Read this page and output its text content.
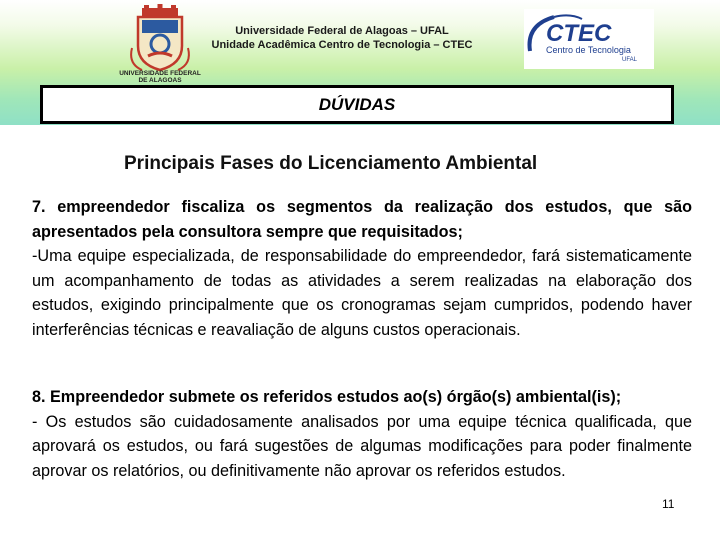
UNIVERSIDADE FEDERAL
DE ALAGOAS
Universidade Federal de Alagoas – UFAL
Unidade Acadêmica Centro de Tecnologia – CTEC	CTEC
Centro de Tecnologia
UFAL
DÚVIDAS
Principais Fases do Licenciamento Ambiental

7. empreendedor fiscaliza os segmentos da realização dos estudos, que são apresentados pela consultora sempre que requisitados;

-Uma equipe especializada, de responsabilidade do empreendedor, fará sistematicamente um acompanhamento de todas as atividades a serem realizadas na elaboração dos estudos, exigindo principalmente que os cronogramas sejam cumpridos, podendo haver interferências técnicas e reavaliação de alguns custos operacionais.

8. Empreendedor submete os referidos estudos ao(s) órgão(s) ambiental(is);

- Os estudos são cuidadosamente analisados por uma equipe técnica qualificada, que aprovará os estudos, ou fará sugestões de algumas modificações para poder finalmente aprovar os relatórios, ou definitivamente não aprovar os referidos estudos.

11
